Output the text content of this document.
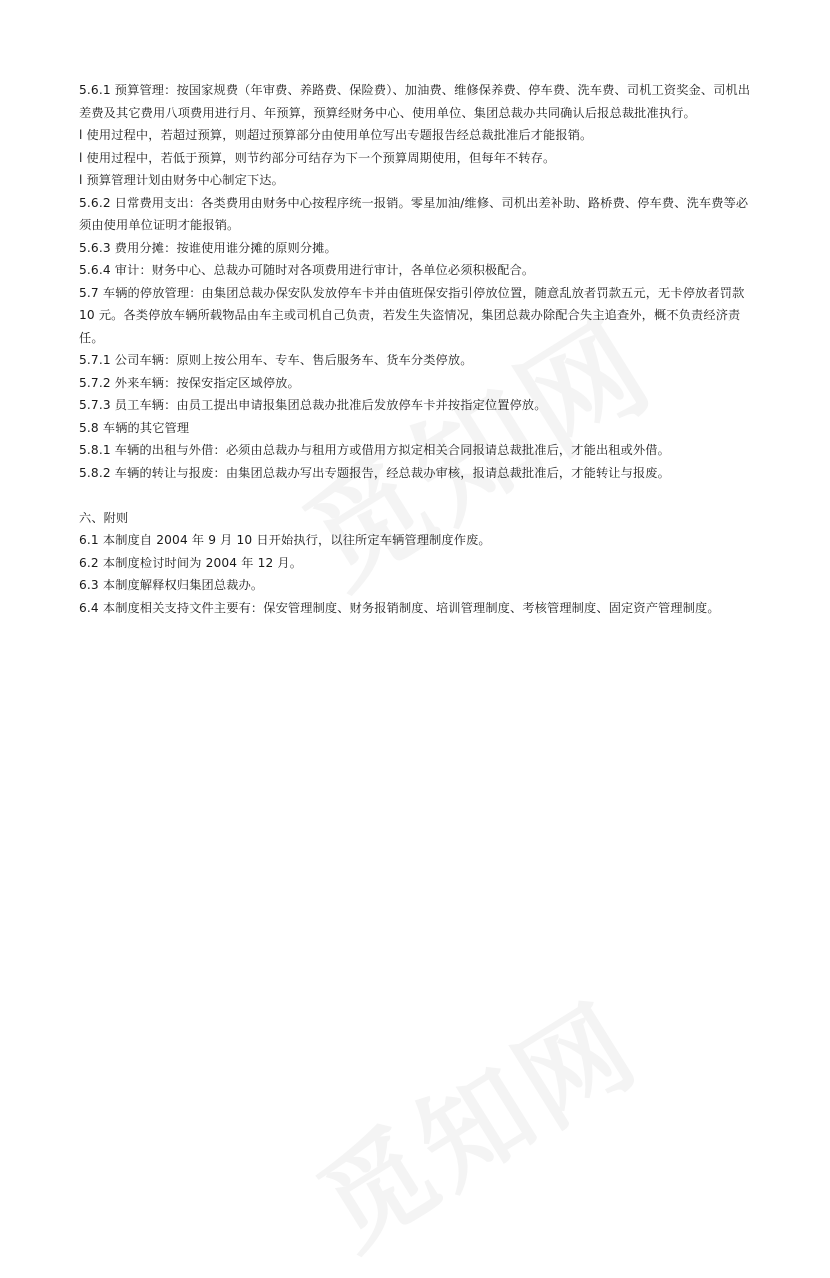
5.6.1 预算管理：按国家规费（年审费、养路费、保险费）、加油费、维修保养费、停车费、洗车费、司机工资奖金、司机出

差费及其它费用八项费用进行月、年预算，预算经财务中心、使用单位、集团总裁办共同确认后报总裁批准执行。

l 使用过程中，若超过预算，则超过预算部分由使用单位写出专题报告经总裁批准后才能报销。

l 使用过程中，若低于预算，则节约部分可结存为下一个预算周期使用，但每年不转存。

l 预算管理计划由财务中心制定下达。

5.6.2 日常费用支出：各类费用由财务中心按程序统一报销。零星加油/维修、司机出差补助、路桥费、停车费、洗车费等必

须由使用单位证明才能报销。

5.6.3 费用分摊：按谁使用谁分摊的原则分摊。

5.6.4 审计：财务中心、总裁办可随时对各项费用进行审计，各单位必须积极配合。

5.7 车辆的停放管理：由集团总裁办保安队发放停车卡并由值班保安指引停放位置，随意乱放者罚款五元，无卡停放者罚款

10 元。各类停放车辆所载物品由车主或司机自己负责，若发生失盗情况，集团总裁办除配合失主追查外，概不负责经济责

任。

5.7.1 公司车辆：原则上按公用车、专车、售后服务车、货车分类停放。

5.7.2 外来车辆：按保安指定区域停放。

5.7.3 员工车辆：由员工提出申请报集团总裁办批准后发放停车卡并按指定位置停放。

5.8 车辆的其它管理

5.8.1 车辆的出租与外借：必须由总裁办与租用方或借用方拟定相关合同报请总裁批准后，才能出租或外借。

5.8.2 车辆的转让与报废：由集团总裁办写出专题报告，经总裁办审核，报请总裁批准后，才能转让与报废。

六、附则

6.1 本制度自 2004 年 9 月 10 日开始执行，以往所定车辆管理制度作废。

6.2 本制度检讨时间为 2004 年 12 月。

6.3 本制度解释权归集团总裁办。

6.4 本制度相关支持文件主要有：保安管理制度、财务报销制度、培训管理制度、考核管理制度、固定资产管理制度。
